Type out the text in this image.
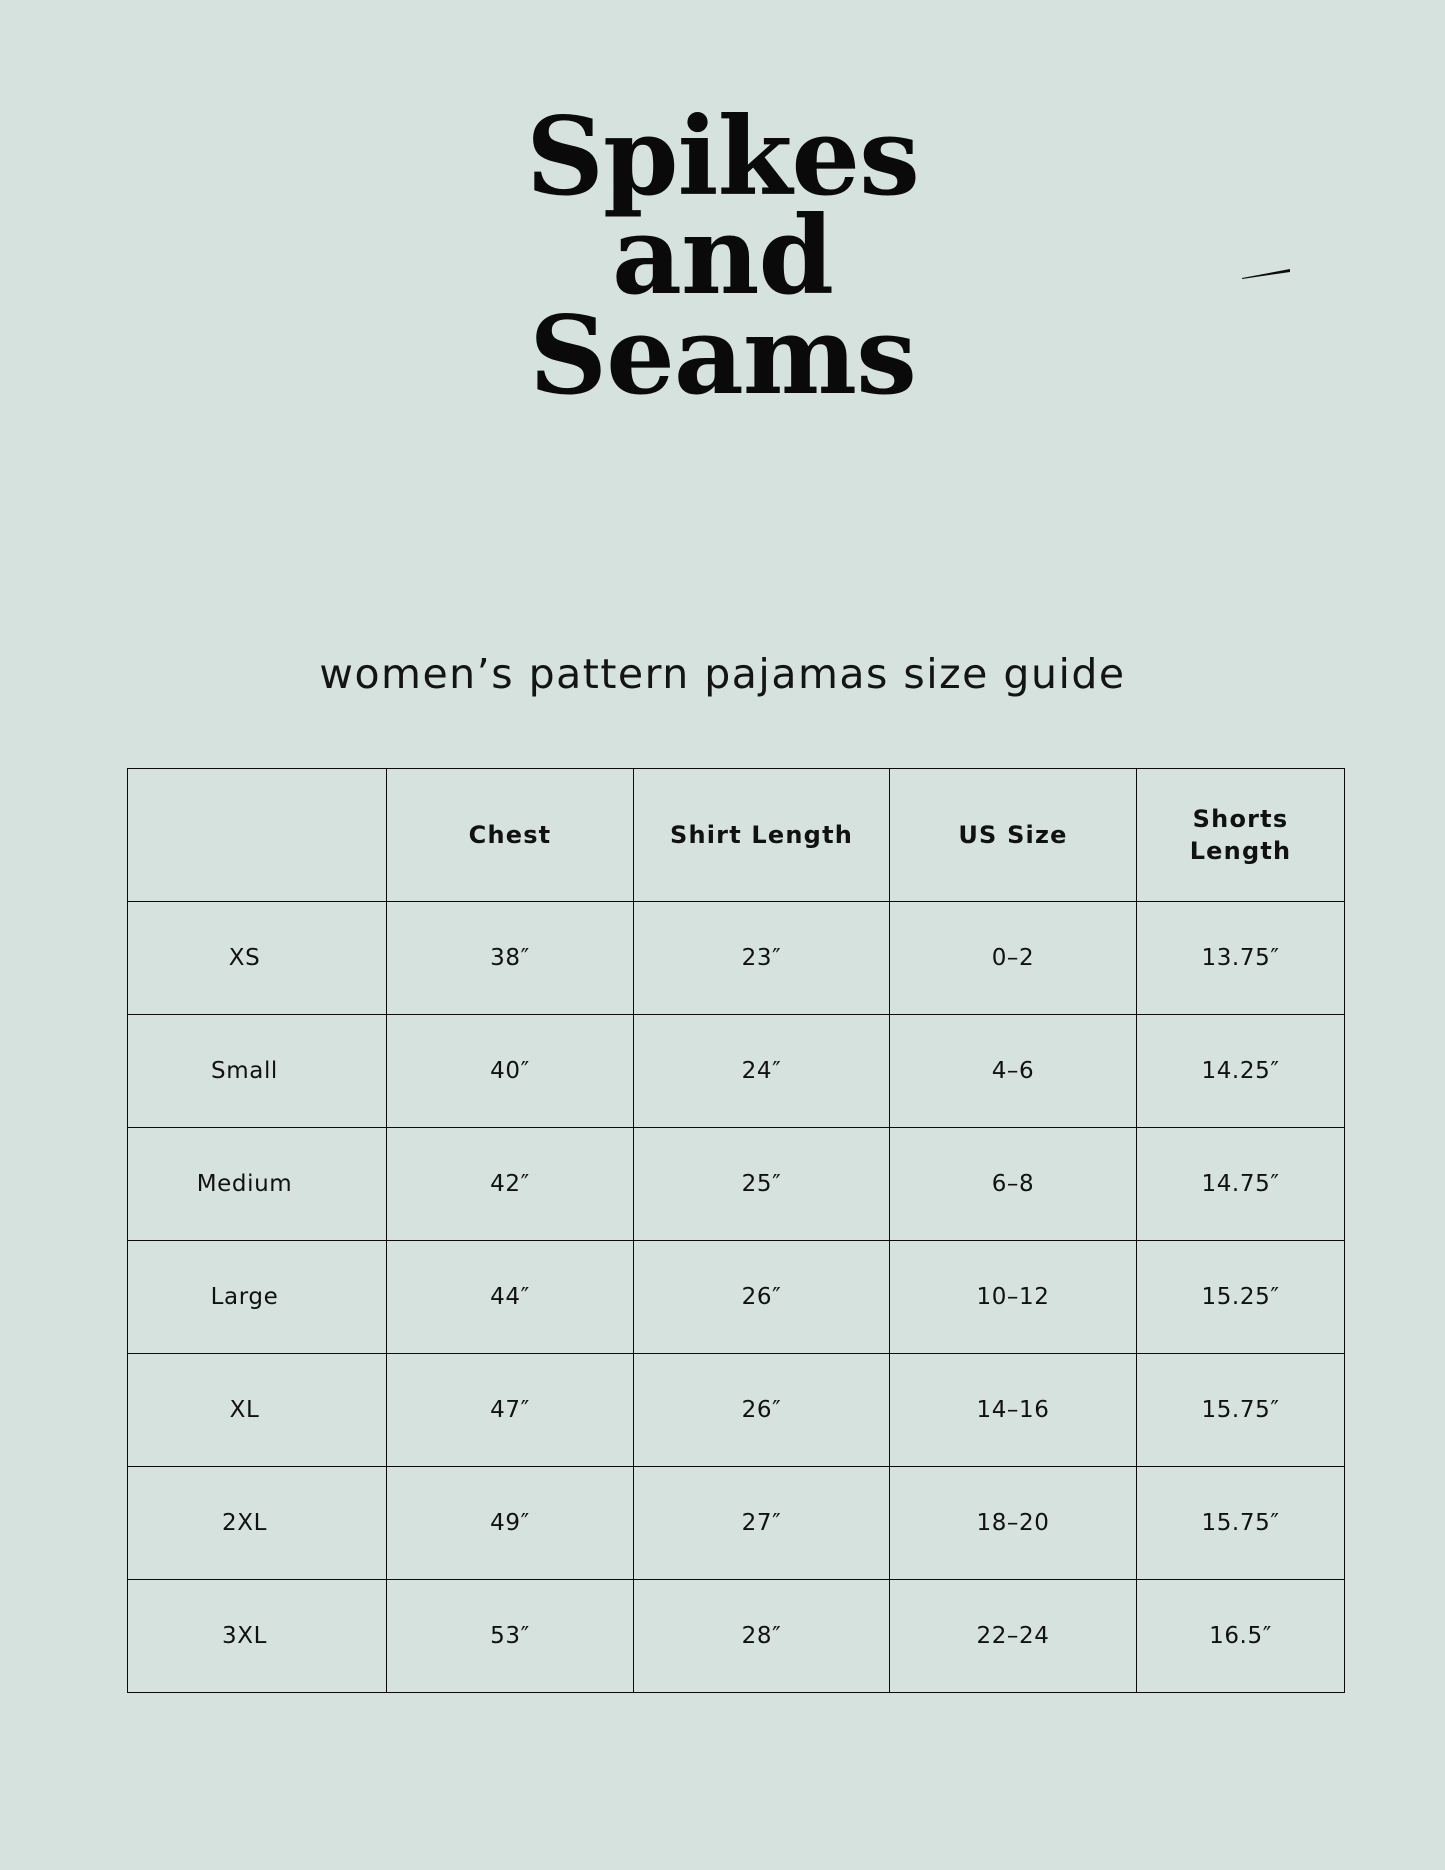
Spikes
and
Seams
women’s pattern pajamas size guide
	Chest	Shirt Length	US Size	Shorts Length
XS	38″	23″	0–2	13.75″
Small	40″	24″	4–6	14.25″
Medium	42″	25″	6–8	14.75″
Large	44″	26″	10–12	15.25″
XL	47″	26″	14–16	15.75″
2XL	49″	27″	18–20	15.75″
3XL	53″	28″	22–24	16.5″
